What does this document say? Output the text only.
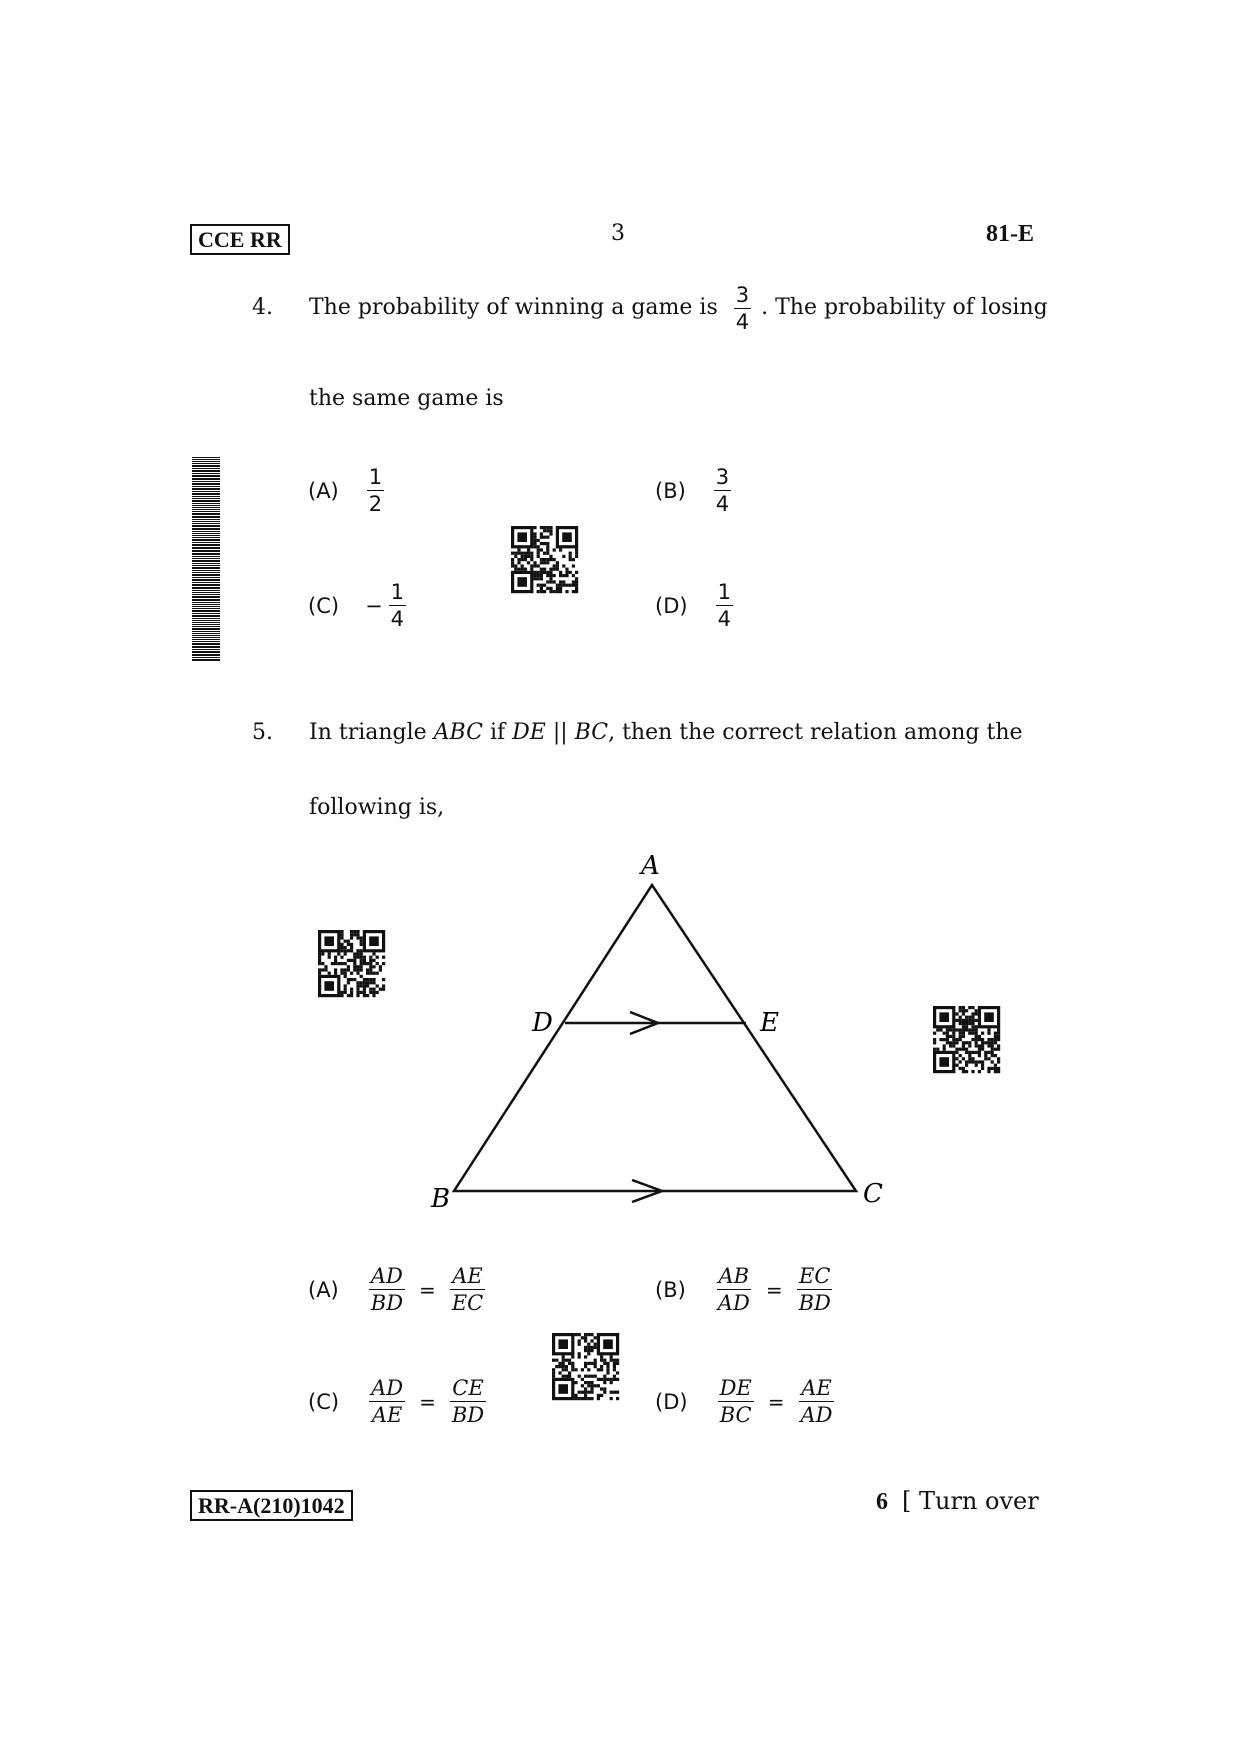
CCE RR	3	81-E
4. The probability of winning a game is $\frac{3}{4}$ . The probability of losing
the same game is
$(A) \frac{1}{2}$	$(B) \frac{3}{4}$
$(C) - \frac{1}{4}$	$(D) \frac{1}{4}$
5. In triangle ABC if DE || BC, then the correct relation among the
following is,
A
B	C
D	E
$(A) \frac{AD}{BD} = \frac{AE}{EC}$	$(B) \frac{AB}{AD} = \frac{EC}{BD}$
$(C) \frac{AD}{AE} = \frac{CE}{BD}$	$(D) \frac{DE}{BC} = \frac{AE}{AD}$
RR-A(210)1042	6 [ Turn over
